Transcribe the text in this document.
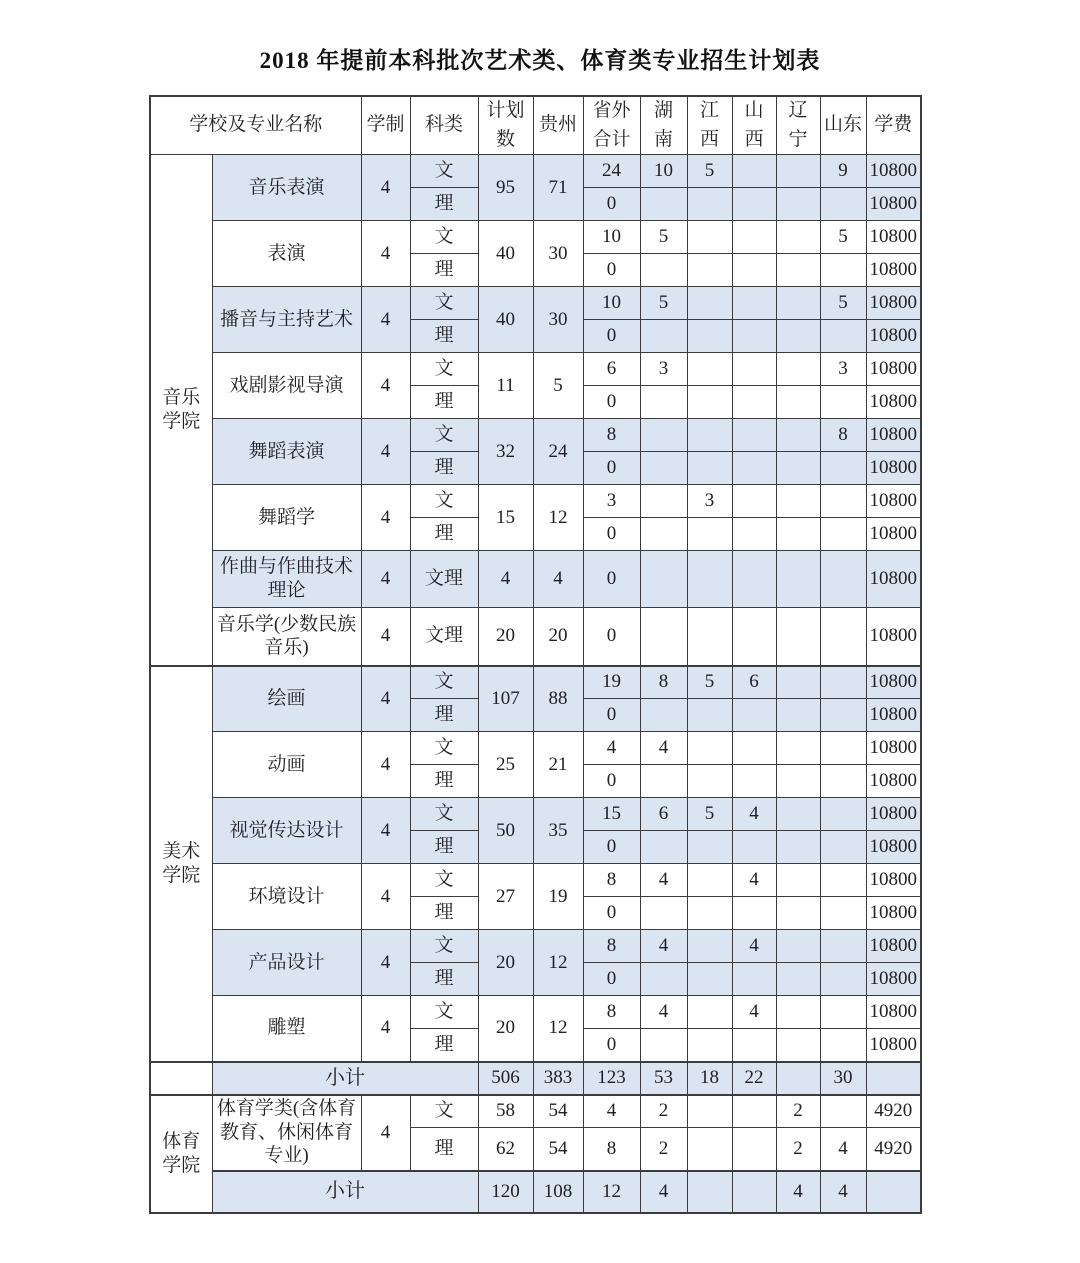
2018 年提前本科批次艺术类、体育类专业招生计划表
学校及专业名称		学制	科类	计划数	贵州	省外合计	湖南	江西	山西	辽宁	山东	学费
音乐学院	音乐表演	4	文	95	71	24	10	5			9	10800
			理			0						10800
	表演	4	文	40	30	10	5				5	10800
			理			0						10800
	播音与主持艺术	4	文	40	30	10	5				5	10800
			理			0						10800
	戏剧影视导演	4	文	11	5	6	3				3	10800
			理			0						10800
	舞蹈表演	4	文	32	24	8					8	10800
			理			0						10800
	舞蹈学	4	文	15	12	3		3				10800
			理			0						10800
	作曲与作曲技术理论	4	文理	4	4	0						10800
	音乐学(少数民族音乐)	4	文理	20	20	0						10800
美术学院	绘画	4	文	107	88	19	8	5	6			10800
			理			0						10800
	动画	4	文	25	21	4	4					10800
			理			0						10800
	视觉传达设计	4	文	50	35	15	6	5	4			10800
			理			0						10800
	环境设计	4	文	27	19	8	4		4			10800
			理			0						10800
	产品设计	4	文	20	12	8	4		4			10800
			理			0						10800
	雕塑	4	文	20	12	8	4		4			10800
			理			0						10800
	小计			506	383	123	53	18	22		30	
体育学院	体育学类(含体育教育、休闲体育专业)	4	文	58	54	4	2			2		4920
			理	62	54	8	2			2	4	4920
	小计			120	108	12	4			4	4	
